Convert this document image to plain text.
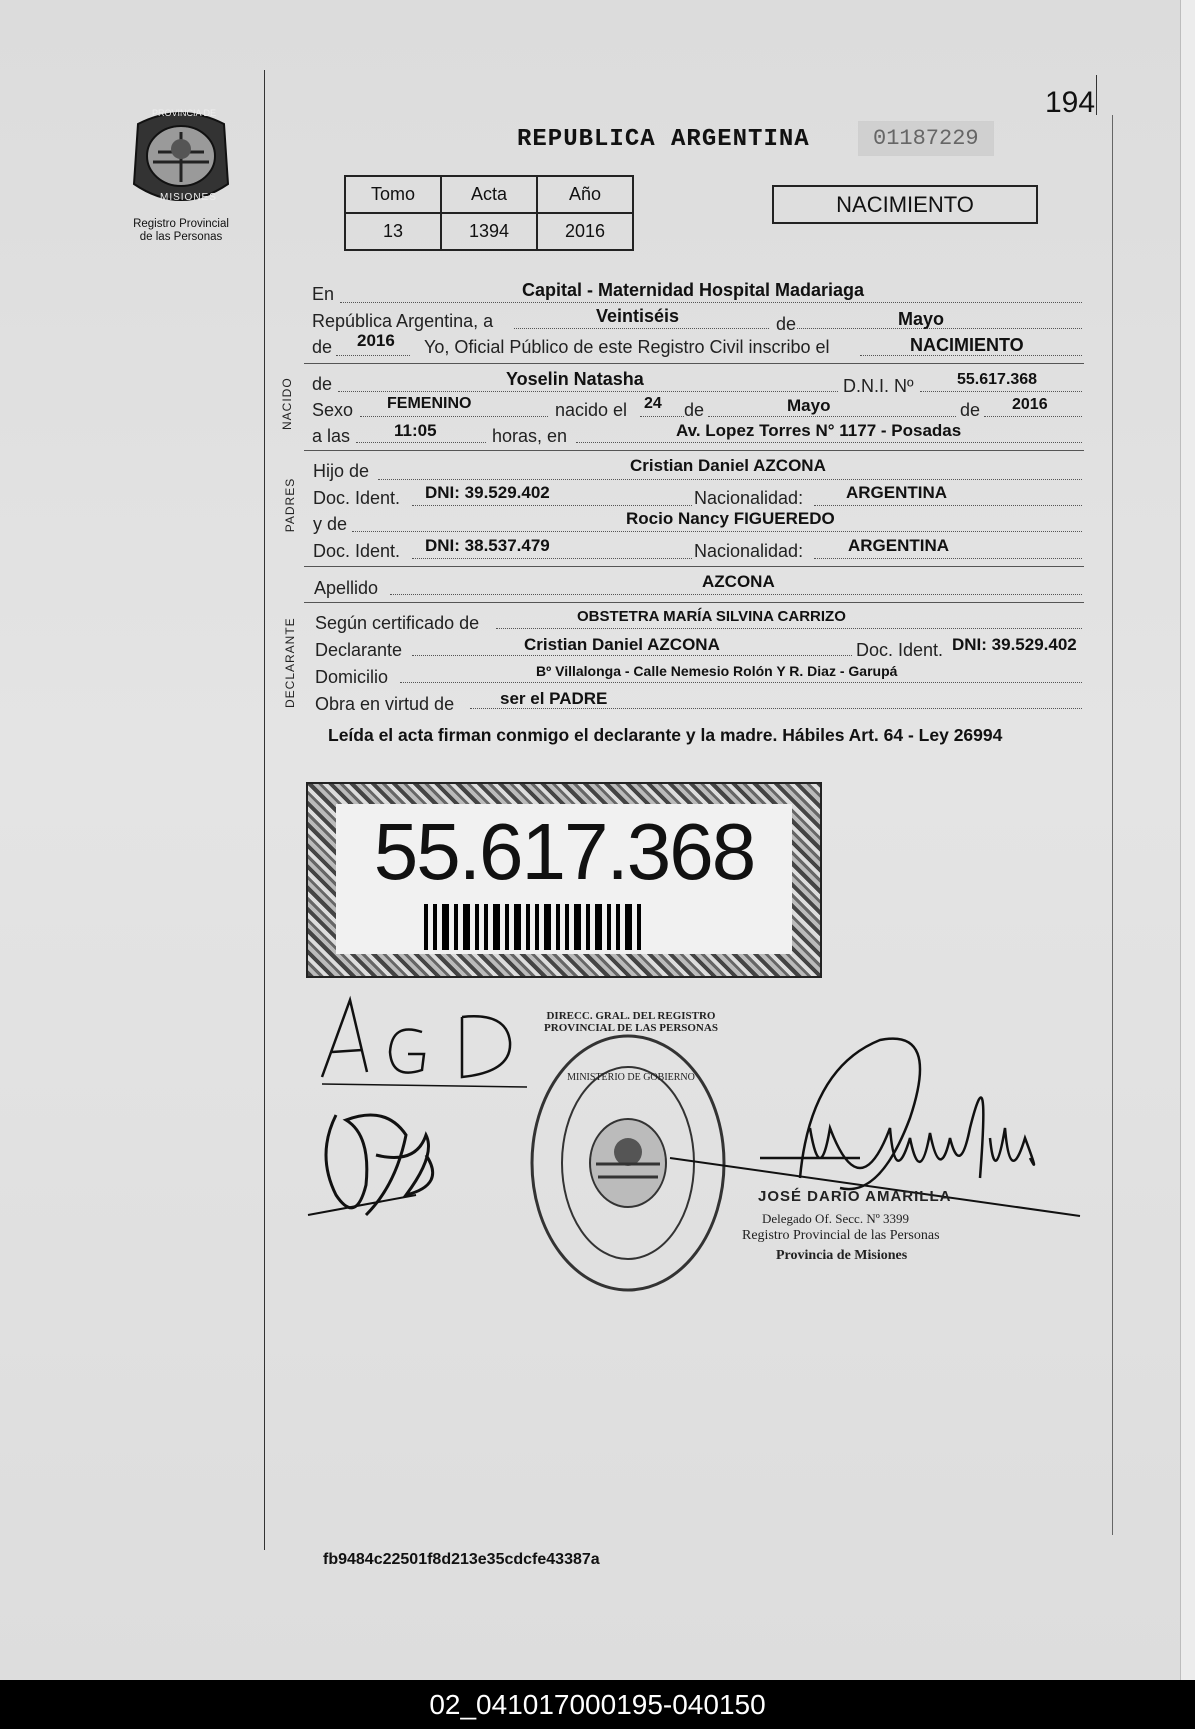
194
PROVINCIA DE
MISIONES
Registro Provincial
de las Personas
REPUBLICA ARGENTINA	01187229
Tomo	Acta	Año
13	1394	2016
NACIMIENTO
En	Capital - Maternidad Hospital Madariaga
República Argentina, a	Veintiséis	de	Mayo
de 2016 Yo, Oficial Público de este Registro Civil inscribo el	NACIMIENTO
NACIDO de	Yoselin Natasha	D.N.I. Nº	55.617.368
Sexo FEMENINO	nacido el 24 de	Mayo	de 2016
a las	11:05	horas, en	Av. Lopez Torres N° 1177 - Posadas
PADRES
Hijo de	Cristian Daniel AZCONA
Doc. Ident. DNI: 39.529.402	Nacionalidad:	ARGENTINA
y de	Rocio Nancy FIGUEREDO
Doc. Ident. DNI: 38.537.479	Nacionalidad:	ARGENTINA
Apellido	AZCONA
DECLARANTE Según certificado de	OBSTETRA MARÍA SILVINA CARRIZO
Declarante	Cristian Daniel AZCONA	Doc. Ident. DNI: 39.529.402
Domicilio	Bº Villalonga - Calle Nemesio Rolón Y R. Diaz - Garupá
Obra en virtud de	ser el PADRE
Leída el acta firman conmigo el declarante y la madre. Hábiles Art. 64 - Ley 26994
55.617.368
DIRECC. GRAL. DEL REGISTRO PROVINCIAL DE LAS PERSONAS
MINISTERIO DE GOBIERNO
JOSÉ DARIO AMARILLA
Delegado Of. Secc. Nº 3399
Registro Provincial de las Personas
Provincia de Misiones
fb9484c22501f8d213e35cdcfe43387a
02_041017000195-040150
